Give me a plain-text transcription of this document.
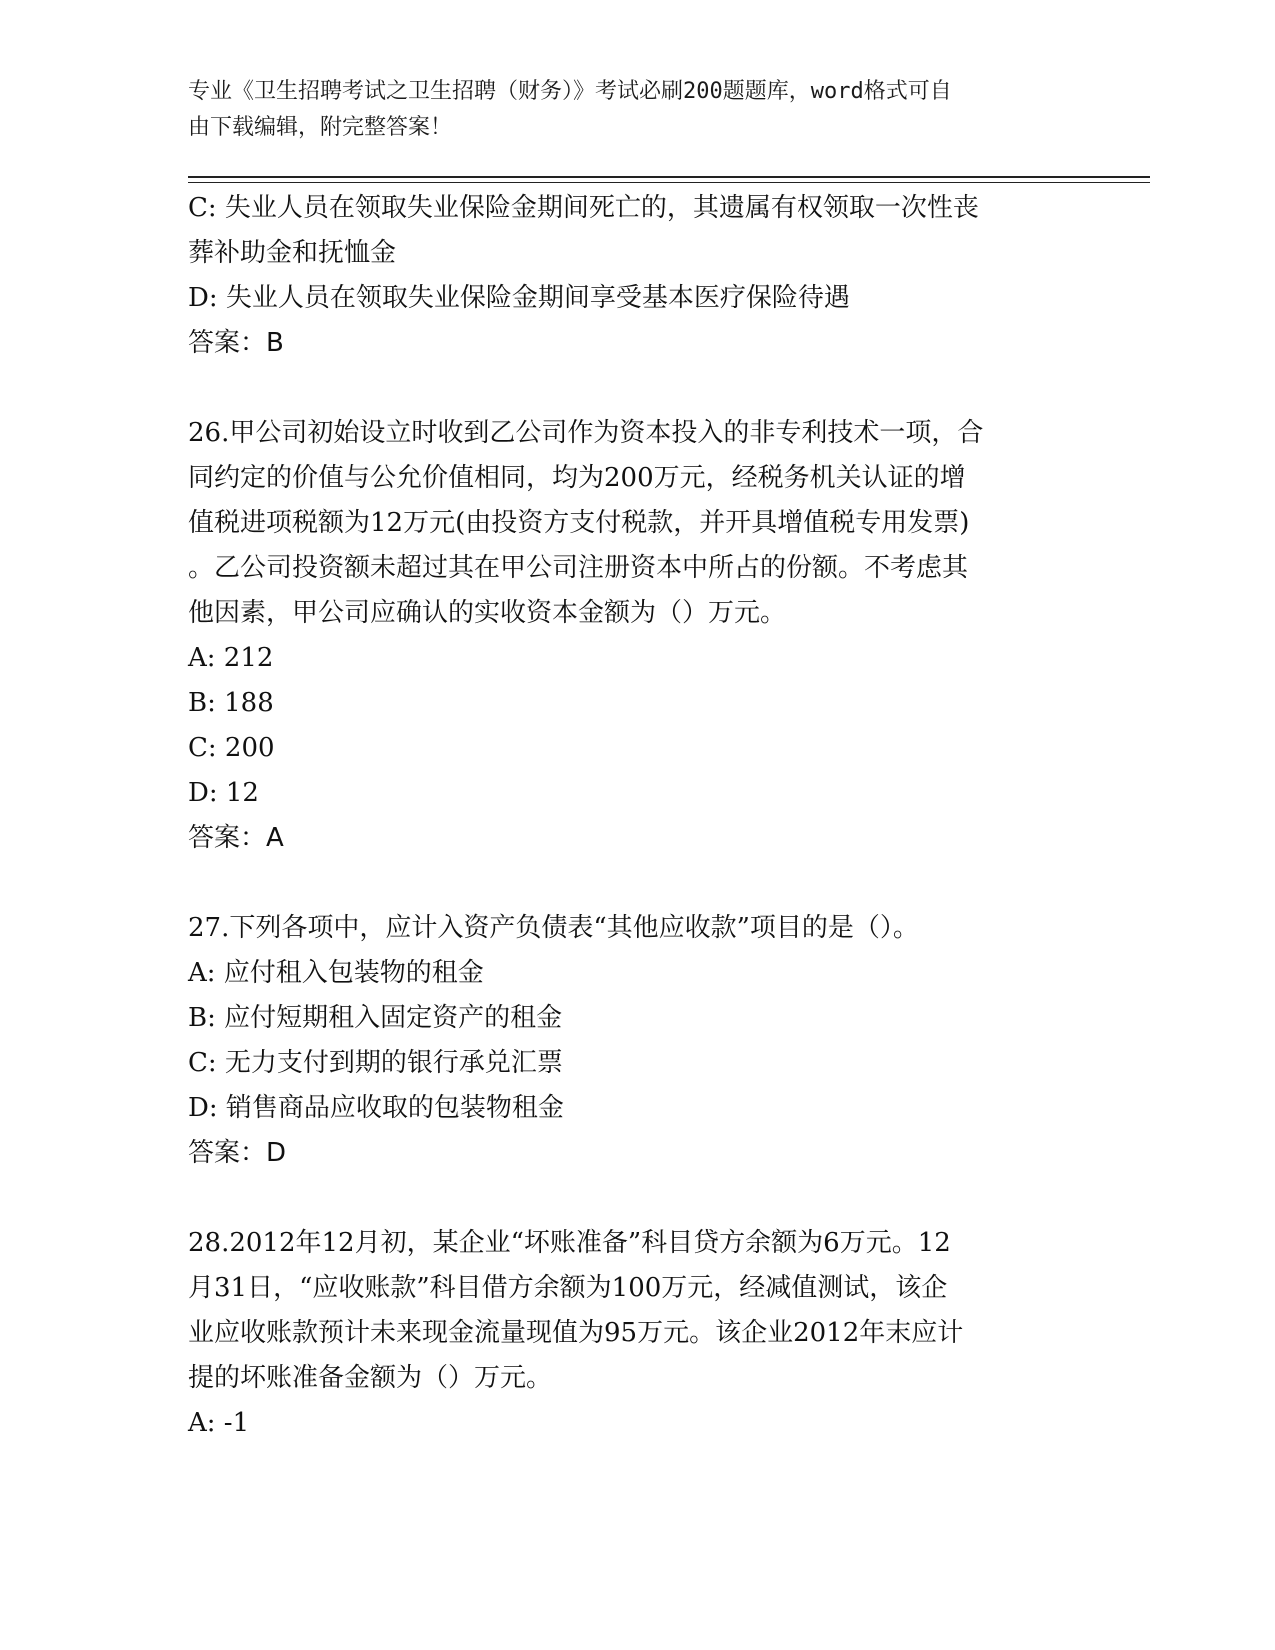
专业《卫生招聘考试之卫生招聘（财务）》考试必刷200题题库，word格式可自
由下载编辑，附完整答案！
C: 失业人员在领取失业保险金期间死亡的，其遗属有权领取一次性丧
葬补助金和抚恤金
D: 失业人员在领取失业保险金期间享受基本医疗保险待遇
答案：B
26.甲公司初始设立时收到乙公司作为资本投入的非专利技术一项，合
同约定的价值与公允价值相同，均为200万元，经税务机关认证的增
值税进项税额为12万元(由投资方支付税款，并开具增值税专用发票)
。乙公司投资额未超过其在甲公司注册资本中所占的份额。不考虑其
他因素，甲公司应确认的实收资本金额为（）万元。
A: 212
B: 188
C: 200
D: 12
答案：A
27.下列各项中，应计入资产负债表“其他应收款”项目的是（）。
A: 应付租入包装物的租金
B: 应付短期租入固定资产的租金
C: 无力支付到期的银行承兑汇票
D: 销售商品应收取的包装物租金
答案：D
28.2012年12月初，某企业“坏账准备”科目贷方余额为6万元。12
月31日，“应收账款”科目借方余额为100万元，经减值测试，该企
业应收账款预计未来现金流量现值为95万元。该企业2012年末应计
提的坏账准备金额为（）万元。
A: -1
